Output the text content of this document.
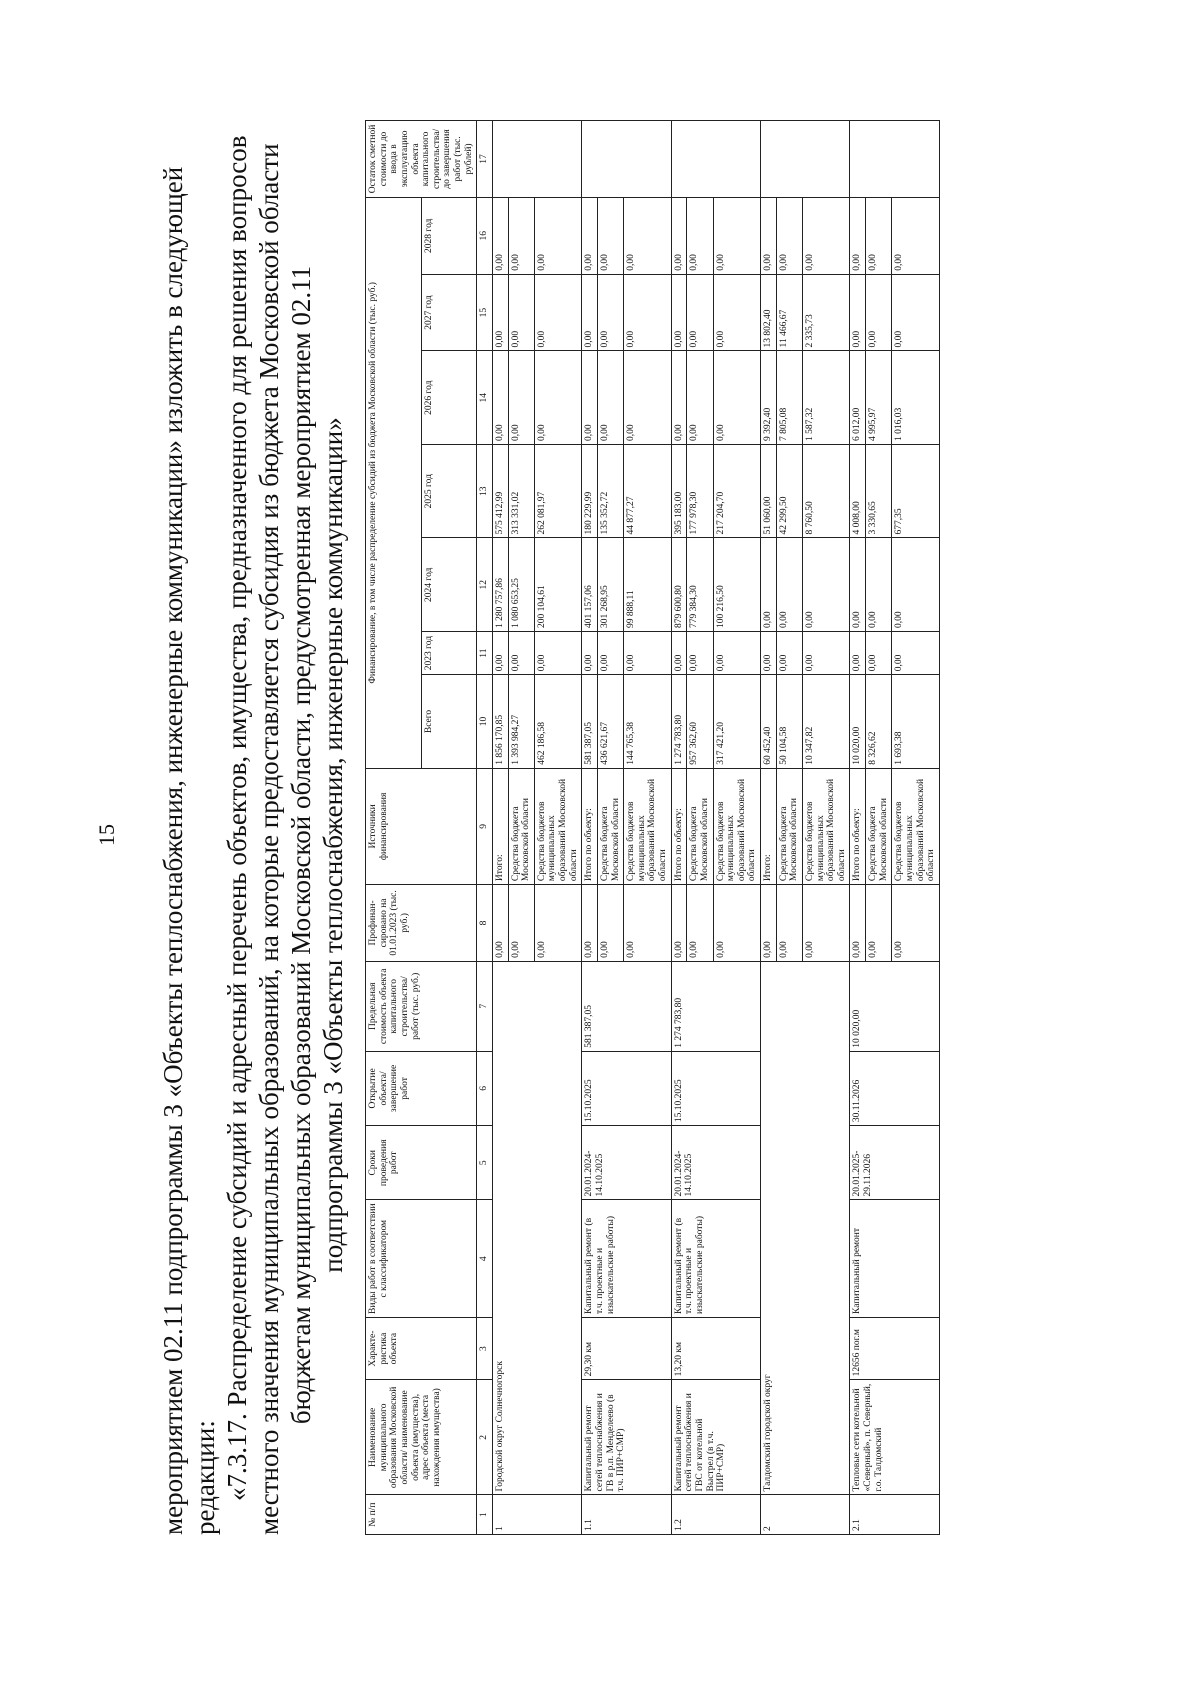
15 мероприятием 02.11 подпрограммы 3 «Объекты теплоснабжения, инженерные коммуникации» изложить в следующей редакции: «7.3.17. Распределение субсидий и адресный перечень объектов, имущества, предназначенного для решения вопросов местного значения муниципальных образований, на которые предоставляется субсидия из бюджета Московской области бюджетам муниципальных образований Московской области, предусмотренная мероприятием 02.11 подпрограммы 3 «Объекты теплоснабжения, инженерные коммуникации»
№ п/п	Наименование муниципального образования Московской области/ наименование объекта (имущества), адрес объекта (места нахождения имущества)	Характе-ристика объекта	Виды работ в соответствии с классификатором	Сроки проведения работ	Открытие объекта/ завершение работ	Предельная стоимость объекта капитального строительства/ работ (тыс. руб.)	Профинан-сировано на 01.01.2023 (тыс. руб.)	Источники финансирования	Финансирование, в том числе распределение субсидий из бюджета Московской области (тыс. руб.)							Остаток сметной стоимости до ввода в эксплуатацию объекта капитального строительства/ до завершения работ (тыс. рублей)
									Всего	2023 год	2024 год	2025 год	2026 год	2027 год	2028 год	
1	2	3	4	5	6	7	8	9	10	11	12	13	14	15	16	17
1	Городской округ Солнечногорск						0,00	Итого:	1 856 170,85	0,00	1 280 757,86	575 412,99	0,00	0,00	0,00	
							0,00	Средства бюджета Московской области	1 393 984,27	0,00	1 080 653,25	313 331,02	0,00	0,00	0,00	
							0,00	Средства бюджетов муниципальных образований Московской области	462 186,58	0,00	200 104,61	262 081,97	0,00	0,00	0,00	
1.1	Капитальный ремонт сетей теплоснабжения и ГВ в р.п. Менделеево (в т.ч. ПИР+СМР)	29,30 км	Капитальный ремонт (в т.ч. проектные и изыскательские работы)	20.01.2024-14.10.2025	15.10.2025	581 387,05	0,00	Итого по объекту:	581 387,05	0,00	401 157,06	180 229,99	0,00	0,00	0,00	
							0,00	Средства бюджета Московской области	436 621,67	0,00	301 268,95	135 352,72	0,00	0,00	0,00	
							0,00	Средства бюджетов муниципальных образований Московской области	144 765,38	0,00	99 888,11	44 877,27	0,00	0,00	0,00	
1.2	Капитальный ремонт сетей теплоснабжения и ГВС от котельной Выстрел (в т.ч. ПИР+СМР)	13,20 км	Капитальный ремонт (в т.ч. проектные и изыскательские работы)	20.01.2024-14.10.2025	15.10.2025	1 274 783,80	0,00	Итого по объекту:	1 274 783,80	0,00	879 600,80	395 183,00	0,00	0,00	0,00	
							0,00	Средства бюджета Московской области	957 362,60	0,00	779 384,30	177 978,30	0,00	0,00	0,00	
							0,00	Средства бюджетов муниципальных образований Московской области	317 421,20	0,00	100 216,50	217 204,70	0,00	0,00	0,00	
2	Талдомский городской округ						0,00	Итого:	60 452,40	0,00	0,00	51 060,00	9 392,40	13 802,40	0,00	
							0,00	Средства бюджета Московской области	50 104,58	0,00	0,00	42 299,50	7 805,08	11 466,67	0,00	
							0,00	Средства бюджетов муниципальных образований Московской области	10 347,82	0,00	0,00	8 760,50	1 587,32	2 335,73	0,00	
2.1	Тепловые сети котельной «Северный», п. Северный, г.о. Талдомский	12656 пог.м	Капитальный ремонт	20.01.2025-29.11.2026	30.11.2026	10 020,00	0,00	Итого по объекту:	10 020,00	0,00	0,00	4 008,00	6 012,00	0,00	0,00	
							0,00	Средства бюджета Московской области	8 326,62	0,00	0,00	3 330,65	4 995,97	0,00	0,00	
							0,00	Средства бюджетов муниципальных образований Московской области	1 693,38	0,00	0,00	677,35	1 016,03	0,00	0,00	
